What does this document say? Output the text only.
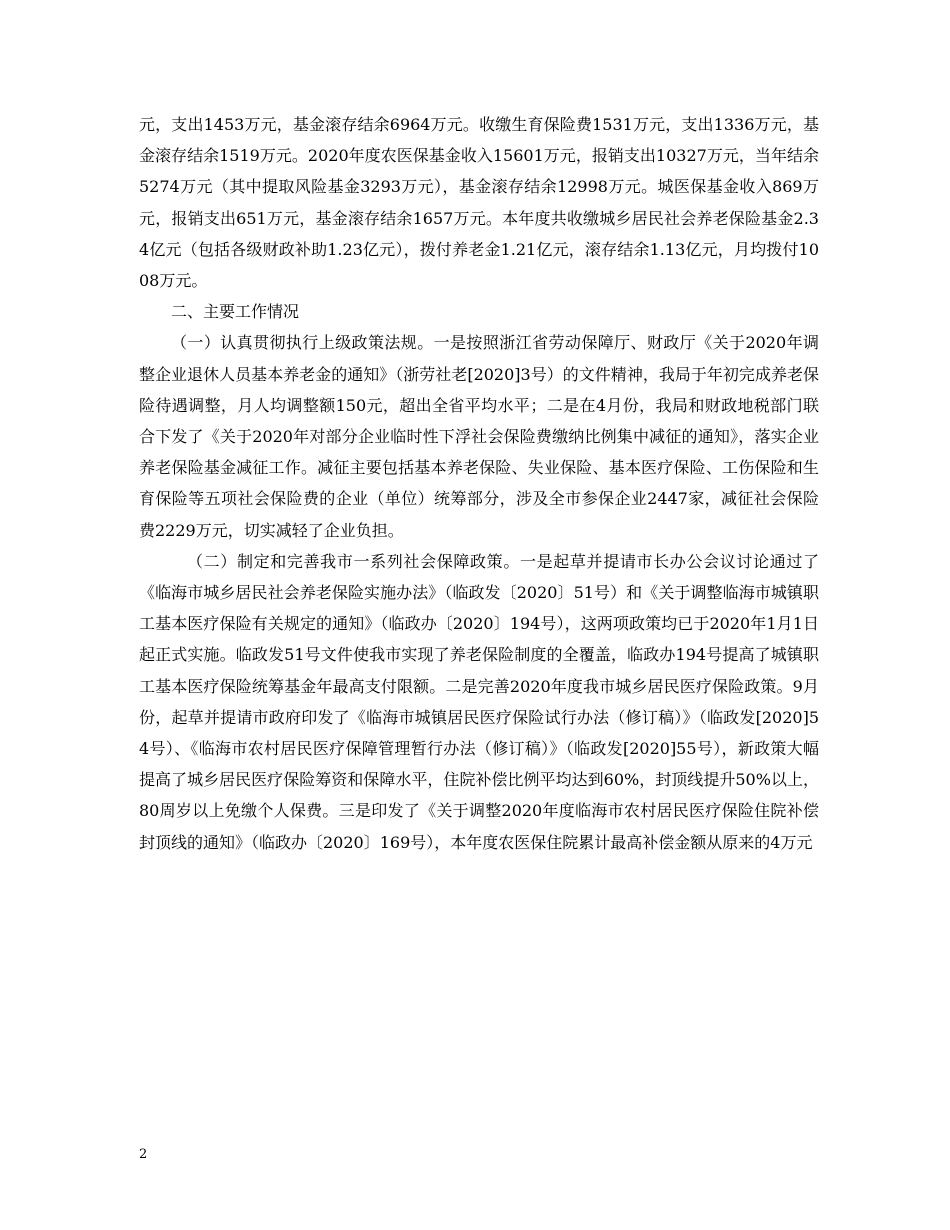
元，支出1453万元，基金滚存结余6964万元。收缴生育保险费1531万元，支出1336万元，基金滚存结余1519万元。2020年度农医保基金收入15601万元，报销支出10327万元，当年结余5274万元（其中提取风险基金3293万元），基金滚存结余12998万元。城医保基金收入869万元，报销支出651万元，基金滚存结余1657万元。本年度共收缴城乡居民社会养老保险基金2.34亿元（包括各级财政补助1.23亿元），拨付养老金1.21亿元，滚存结余1.13亿元，月均拨付1008万元。

二、主要工作情况

（一）认真贯彻执行上级政策法规。一是按照浙江省劳动保障厅、财政厅《关于2020年调整企业退休人员基本养老金的通知》（浙劳社老[2020]3号）的文件精神，我局于年初完成养老保险待遇调整，月人均调整额150元，超出全省平均水平；二是在4月份，我局和财政地税部门联合下发了《关于2020年对部分企业临时性下浮社会保险费缴纳比例集中减征的通知》，落实企业养老保险基金减征工作。减征主要包括基本养老保险、失业保险、基本医疗保险、工伤保险和生育保险等五项社会保险费的企业（单位）统筹部分，涉及全市参保企业2447家，减征社会保险费2229万元，切实减轻了企业负担。

（二）制定和完善我市一系列社会保障政策。一是起草并提请市长办公会议讨论通过了《临海市城乡居民社会养老保险实施办法》（临政发〔2020〕51号）和《关于调整临海市城镇职工基本医疗保险有关规定的通知》（临政办〔2020〕194号），这两项政策均已于2020年1月1日起正式实施。临政发51号文件使我市实现了养老保险制度的全覆盖，临政办194号提高了城镇职工基本医疗保险统筹基金年最高支付限额。二是完善2020年度我市城乡居民医疗保险政策。9月份，起草并提请市政府印发了《临海市城镇居民医疗保险试行办法（修订稿）》（临政发[2020]54号）、《临海市农村居民医疗保障管理暂行办法（修订稿）》（临政发[2020]55号），新政策大幅提高了城乡居民医疗保险筹资和保障水平，住院补偿比例平均达到60%，封顶线提升50%以上，80周岁以上免缴个人保费。三是印发了《关于调整2020年度临海市农村居民医疗保险住院补偿封顶线的通知》（临政办〔2020〕169号），本年度农医保住院累计最高补偿金额从原来的4万元

2
